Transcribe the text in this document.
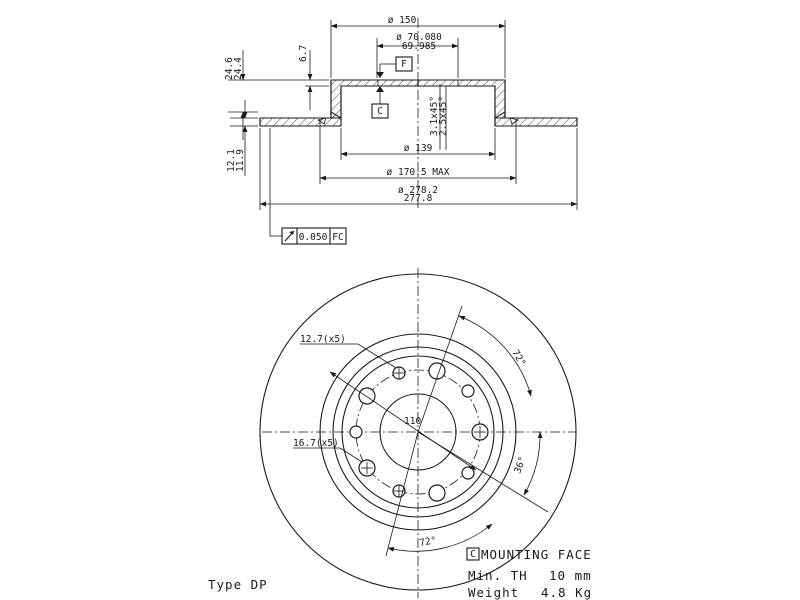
ø 150
ø 70.080
69.985
F
C
24.6
24.4
6.7
3.1x45°
2.5x45°
12.1
11.9
ø 139
ø 170.5 MAX
ø 278.2
277.8
0.050 FC
12.7(x5)
16.7(x5)
110
72°
36°
72°
C MOUNTING FACE
Min. TH 10 mm
Weight 4.8 Kg
Type DP
